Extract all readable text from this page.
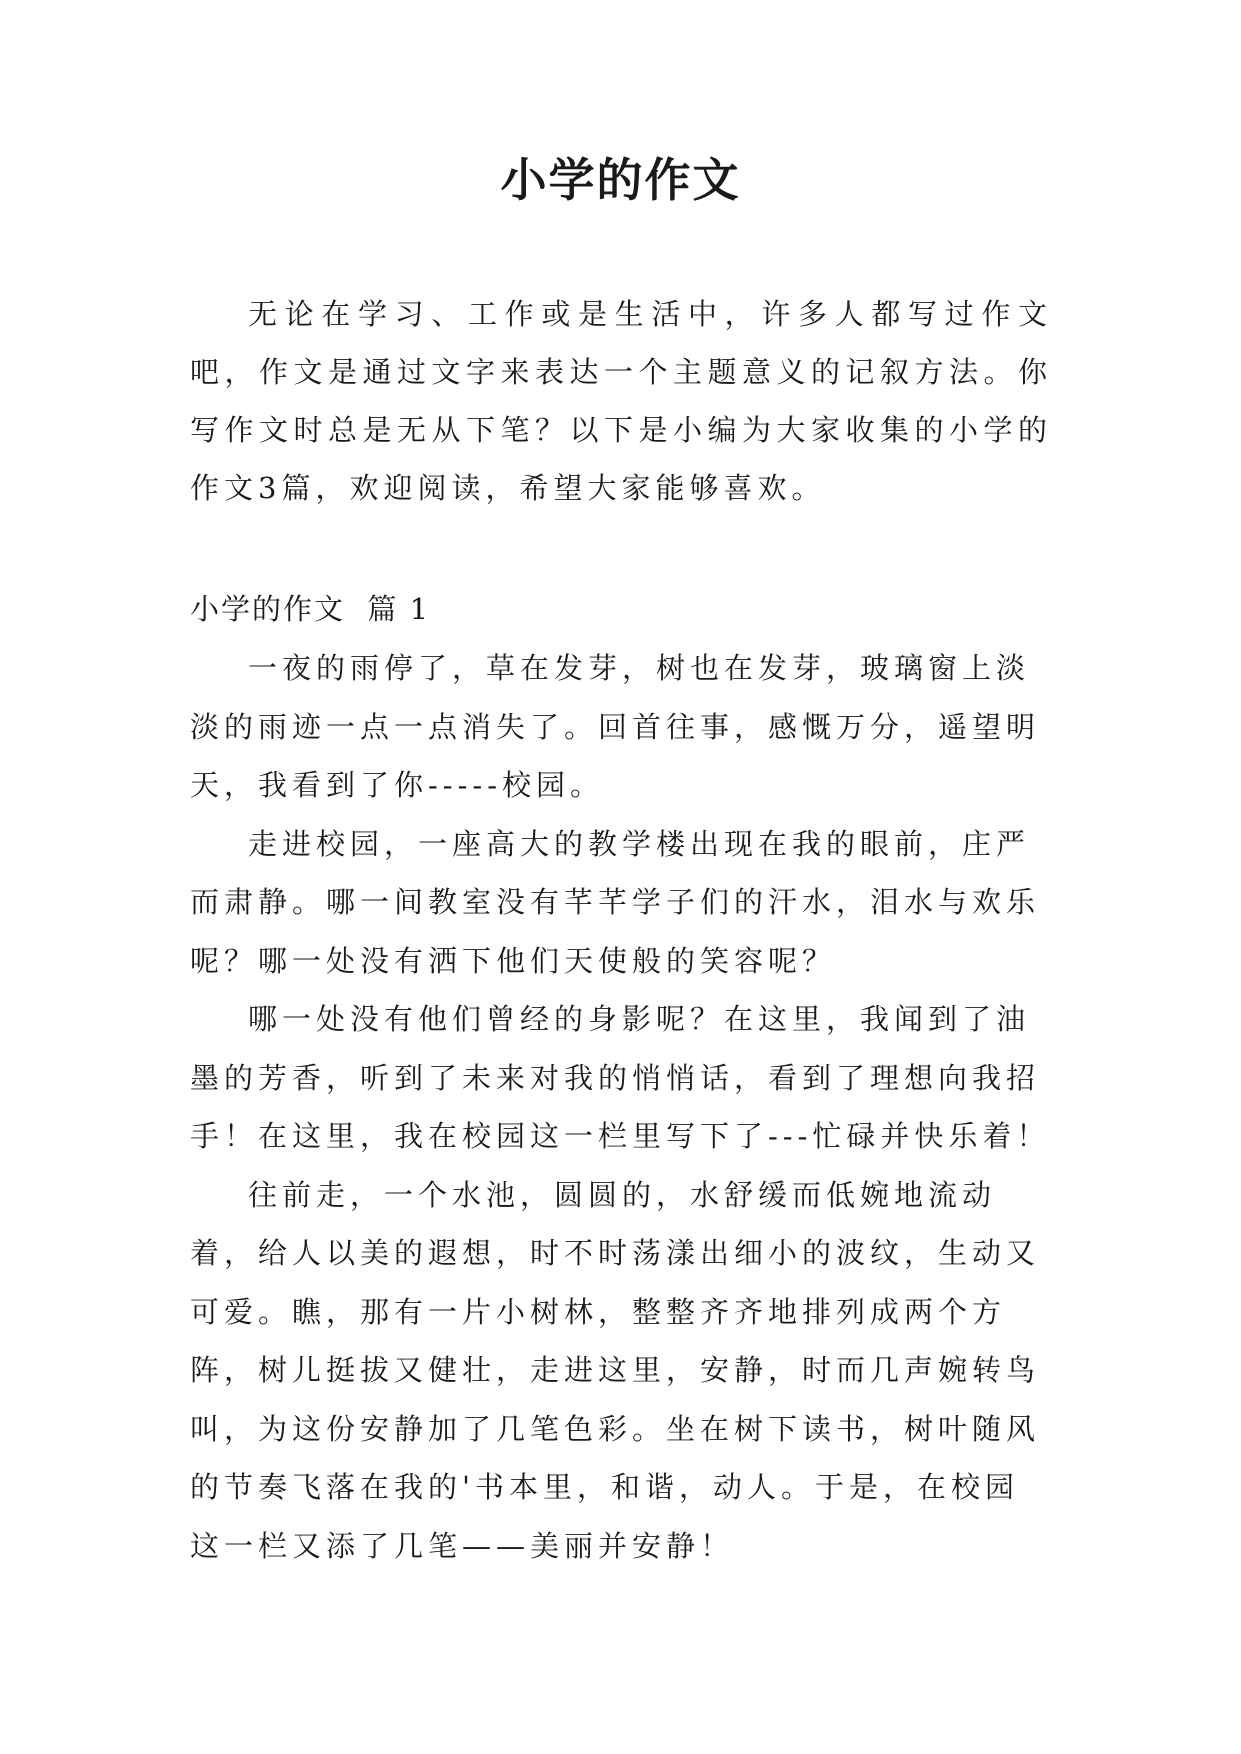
小学的作文

无论在学习、工作或是生活中，许多人都写过作文吧，作文是通过文字来表达一个主题意义的记叙方法。你写作文时总是无从下笔？以下是小编为大家收集的小学的作文3篇，欢迎阅读，希望大家能够喜欢。

小学的作文  篇 1

一夜的雨停了，草在发芽，树也在发芽，玻璃窗上淡淡的雨迹一点一点消失了。回首往事，感慨万分，遥望明天，我看到了你-----校园。

走进校园，一座高大的教学楼出现在我的眼前，庄严而肃静。哪一间教室没有芊芊学子们的汗水，泪水与欢乐呢？哪一处没有洒下他们天使般的笑容呢？

哪一处没有他们曾经的身影呢？在这里，我闻到了油墨的芳香，听到了未来对我的悄悄话，看到了理想向我招手！在这里，我在校园这一栏里写下了---忙碌并快乐着！

往前走，一个水池，圆圆的，水舒缓而低婉地流动着，给人以美的遐想，时不时荡漾出细小的波纹，生动又可爱。瞧，那有一片小树林，整整齐齐地排列成两个方阵，树儿挺拔又健壮，走进这里，安静，时而几声婉转鸟叫，为这份安静加了几笔色彩。坐在树下读书，树叶随风的节奏飞落在我的'书本里，和谐，动人。于是，在校园这一栏又添了几笔——美丽并安静！
